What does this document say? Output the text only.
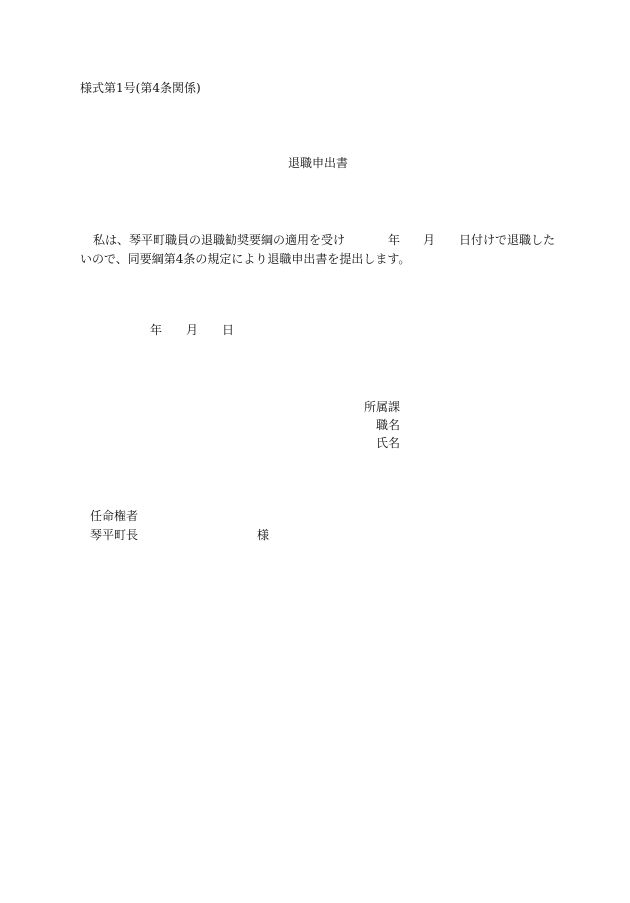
様式第1号(第4条関係)
退職申出書
私は、琴平町職員の退職勧奨要綱の適用を受け	年 月 日付けで退職した
いので、同要綱第4条の規定により退職申出書を提出します。
年 月 日
所属課
職名
氏名
任命権者
琴平町長	様
